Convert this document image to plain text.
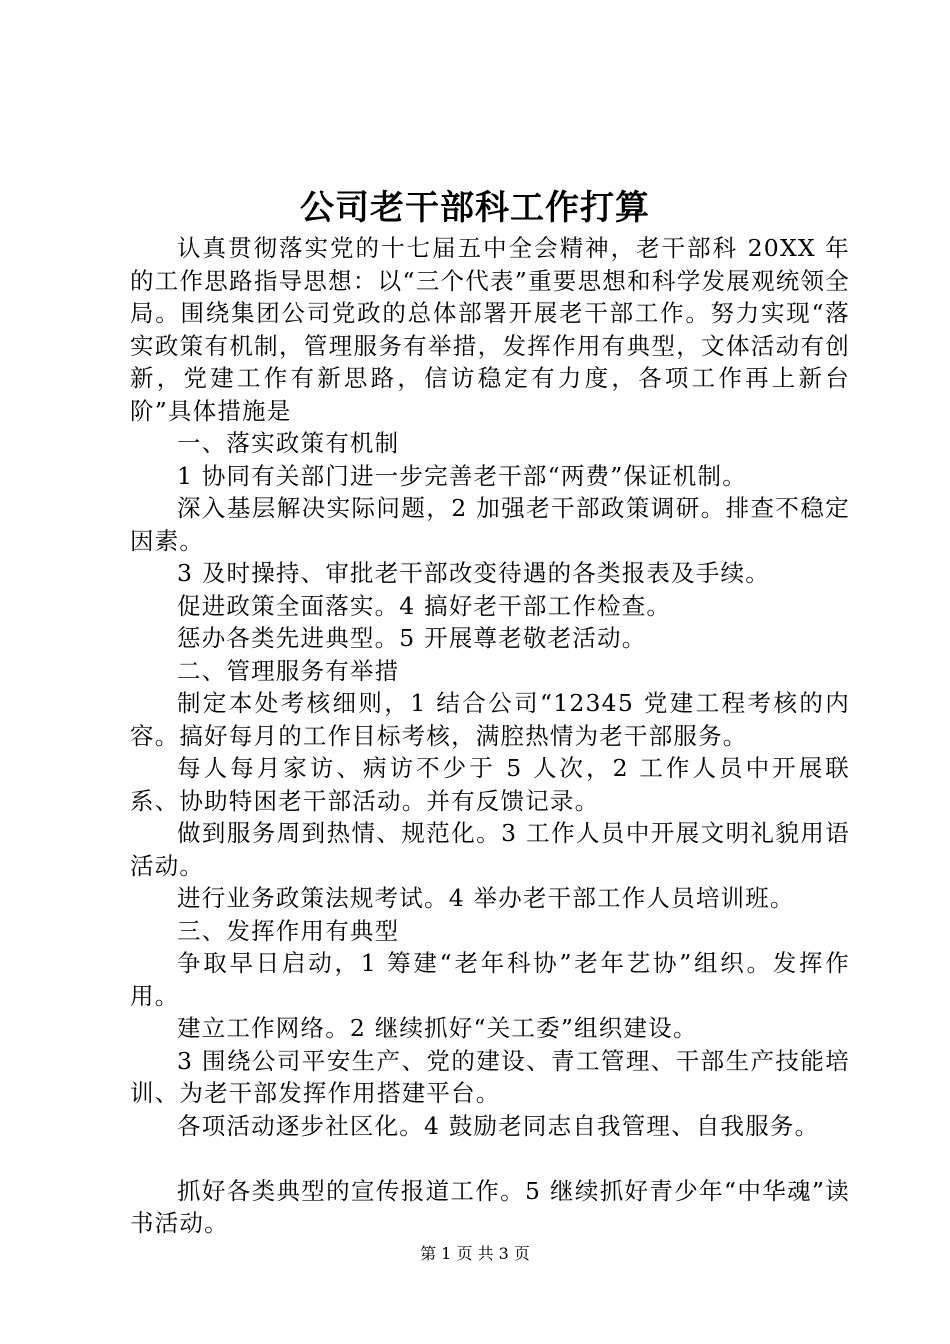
公司老干部科工作打算

认真贯彻落实党的十七届五中全会精神，老干部科 20XX 年的工作思路指导思想：以“三个代表”重要思想和科学发展观统领全局。围绕集团公司党政的总体部署开展老干部工作。努力实现“落实政策有机制，管理服务有举措，发挥作用有典型，文体活动有创新，党建工作有新思路，信访稳定有力度，各项工作再上新台阶”具体措施是

一、落实政策有机制

1 协同有关部门进一步完善老干部“两费”保证机制。

深入基层解决实际问题，2 加强老干部政策调研。排查不稳定因素。

3 及时操持、审批老干部改变待遇的各类报表及手续。

促进政策全面落实。4 搞好老干部工作检查。

惩办各类先进典型。5 开展尊老敬老活动。

二、管理服务有举措

制定本处考核细则，1 结合公司“12345 党建工程考核的内容。搞好每月的工作目标考核，满腔热情为老干部服务。

每人每月家访、病访不少于 5 人次，2 工作人员中开展联系、协助特困老干部活动。并有反馈记录。

做到服务周到热情、规范化。3 工作人员中开展文明礼貌用语活动。

进行业务政策法规考试。4 举办老干部工作人员培训班。

三、发挥作用有典型

争取早日启动，1 筹建“老年科协”老年艺协”组织。发挥作用。

建立工作网络。2 继续抓好“关工委”组织建设。

3 围绕公司平安生产、党的建设、青工管理、干部生产技能培训、为老干部发挥作用搭建平台。

各项活动逐步社区化。4 鼓励老同志自我管理、自我服务。

抓好各类典型的宣传报道工作。5 继续抓好青少年“中华魂”读书活动。

第 1 页 共 3 页
